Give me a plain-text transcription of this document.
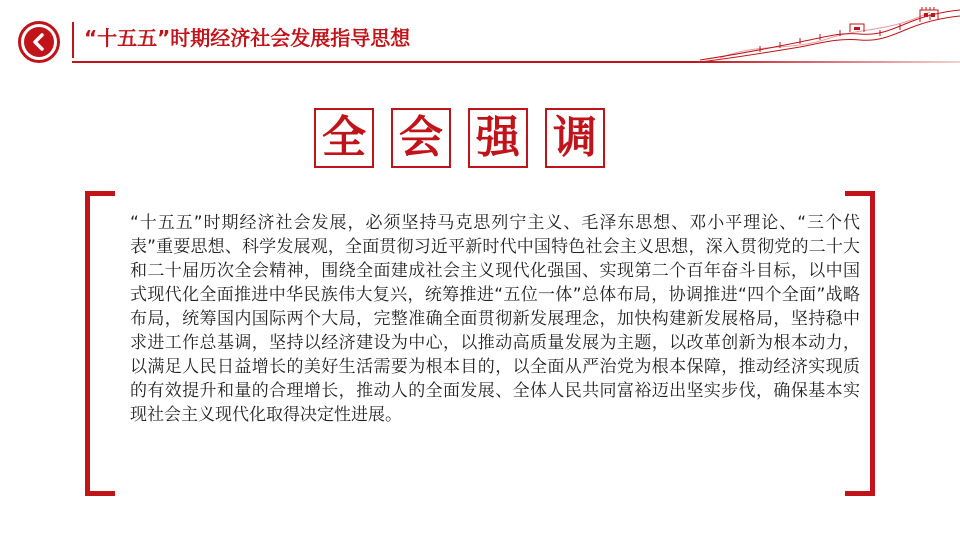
“十五五”时期经济社会发展指导思想
全 会 强 调

“十五五”时期经济社会发展，必须坚持马克思列宁主义、毛泽东思想、邓小平理论、“三个代表”重要思想、科学发展观，全面贯彻习近平新时代中国特色社会主义思想，深入贯彻党的二十大和二十届历次全会精神，围绕全面建成社会主义现代化强国、实现第二个百年奋斗目标，以中国式现代化全面推进中华民族伟大复兴，统筹推进“五位一体”总体布局，协调推进“四个全面”战略布局，统筹国内国际两个大局，完整准确全面贯彻新发展理念，加快构建新发展格局，坚持稳中求进工作总基调，坚持以经济建设为中心，以推动高质量发展为主题，以改革创新为根本动力，以满足人民日益增长的美好生活需要为根本目的，以全面从严治党为根本保障，推动经济实现质的有效提升和量的合理增长，推动人的全面发展、全体人民共同富裕迈出坚实步伐，确保基本实现社会主义现代化取得决定性进展。
